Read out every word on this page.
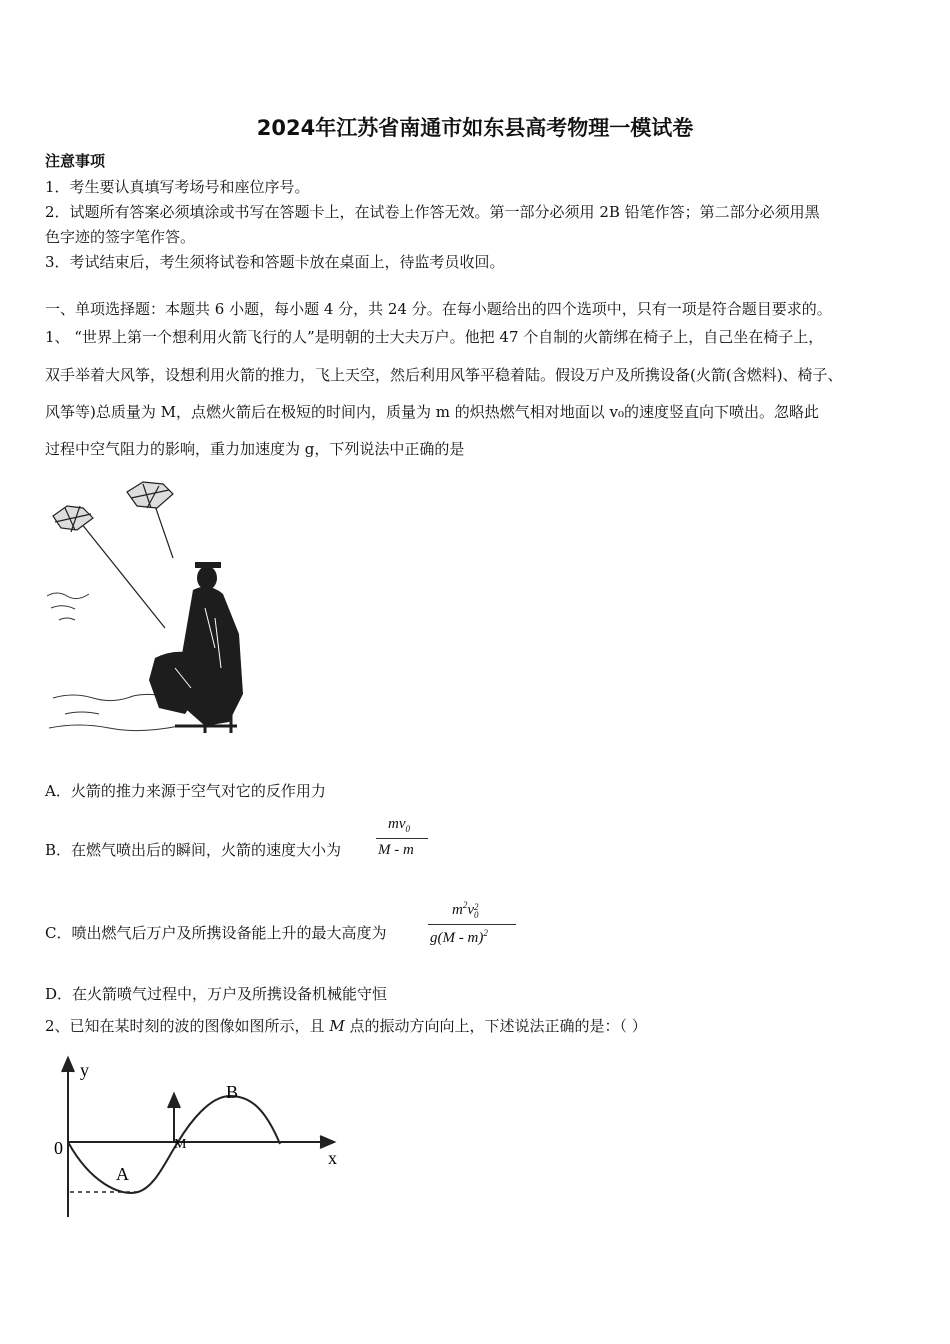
2024年江苏省南通市如东县高考物理一模试卷
注意事项
1．考生要认真填写考场号和座位序号。
2．试题所有答案必须填涂或书写在答题卡上，在试卷上作答无效。第一部分必须用 2B 铅笔作答；第二部分必须用黑
色字迹的签字笔作答。
3．考试结束后，考生须将试卷和答题卡放在桌面上，待监考员收回。
一、单项选择题：本题共 6 小题，每小题 4 分，共 24 分。在每小题给出的四个选项中，只有一项是符合题目要求的。
1、 “世界上第一个想利用火箭飞行的人”是明朝的士大夫万户。他把 47 个自制的火箭绑在椅子上，自己坐在椅子上，
双手举着大风筝，设想利用火箭的推力，飞上天空，然后利用风筝平稳着陆。假设万户及所携设备(火箭(含燃料)、椅子、
风筝等)总质量为 M，点燃火箭后在极短的时间内，质量为 m 的炽热燃气相对地面以 v₀的速度竖直向下喷出。忽略此
过程中空气阻力的影响，重力加速度为 g，下列说法中正确的是
A．火箭的推力来源于空气对它的反作用力
B．在燃气喷出后的瞬间，火箭的速度大小为
$mv_0$
M - m
C．喷出燃气后万户及所携设备能上升的最大高度为
$m^2v$ 2
0
g(M - m)$^2$
D．在火箭喷气过程中，万户及所携设备机械能守恒
2、已知在某时刻的波的图像如图所示，且 M 点的振动方向向上，下述说法正确的是：（ ）
y
x
0
A
B
M
